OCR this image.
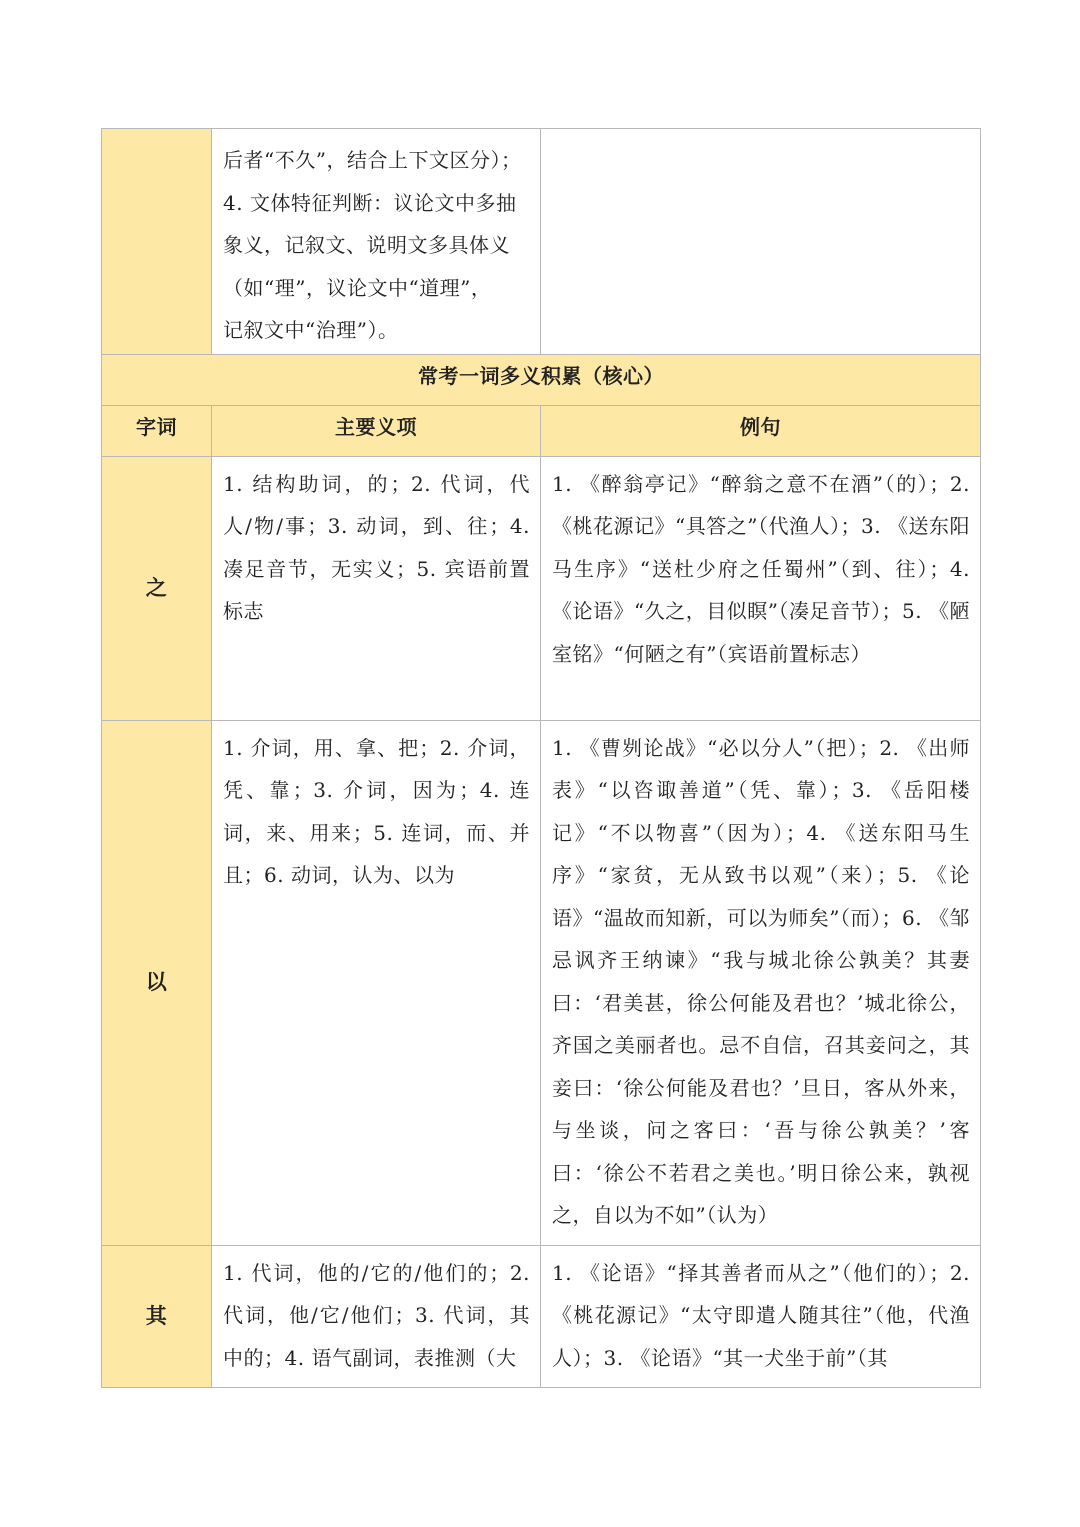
	后者“不久”，结合上下文区分）；

4. 文体特征判断：议论文中多抽

象义，记叙文、说明文多具体义

（如“理”，议论文中“道理”，

记叙文中“治理”）。	

常考一词多义积累（核心）		
字词	主要义项	例句
之	1. 结构助词，的；2. 代词，代人/物/事；3. 动词，到、往；4. 凑足音节，无实义；5. 宾语前置标志	1. 《醉翁亭记》“醉翁之意不在酒”（的）；2. 《桃花源记》“具答之”（代渔人）；3. 《送东阳马生序》“送杜少府之任蜀州”（到、往）；4. 《论语》“久之，目似瞑”（凑足音节）；5. 《陋室铭》“何陋之有”（宾语前置标志）

以	1. 介词，用、拿、把；2. 介词，凭、靠；3. 介词，因为；4. 连词，来、用来；5. 连词，而、并且；6. 动词，认为、以为	1. 《曹刿论战》“必以分人”（把）；2. 《出师表》“以咨诹善道”（凭、靠）；3. 《岳阳楼记》“不以物喜”（因为）；4. 《送东阳马生序》“家贫，无从致书以观”（来）；5. 《论语》“温故而知新，可以为师矣”（而）；6. 《邹忌讽齐王纳谏》“我与城北徐公孰美？其妻曰：‘君美甚，徐公何能及君也？’城北徐公，齐国之美丽者也。忌不自信，召其妾问之，其妾曰：‘徐公何能及君也？’旦日，客从外来，与坐谈，问之客曰：‘吾与徐公孰美？’客曰：‘徐公不若君之美也。’明日徐公来，孰视之，自以为不如”（认为）

其	1. 代词，他的/它的/他们的；2. 代词，他/它/他们；3. 代词，其中的；4. 语气副词，表推测（大	1. 《论语》“择其善者而从之”（他们的）；2. 《桃花源记》“太守即遣人随其往”（他，代渔人）；3. 《论语》“其一犬坐于前”（其
